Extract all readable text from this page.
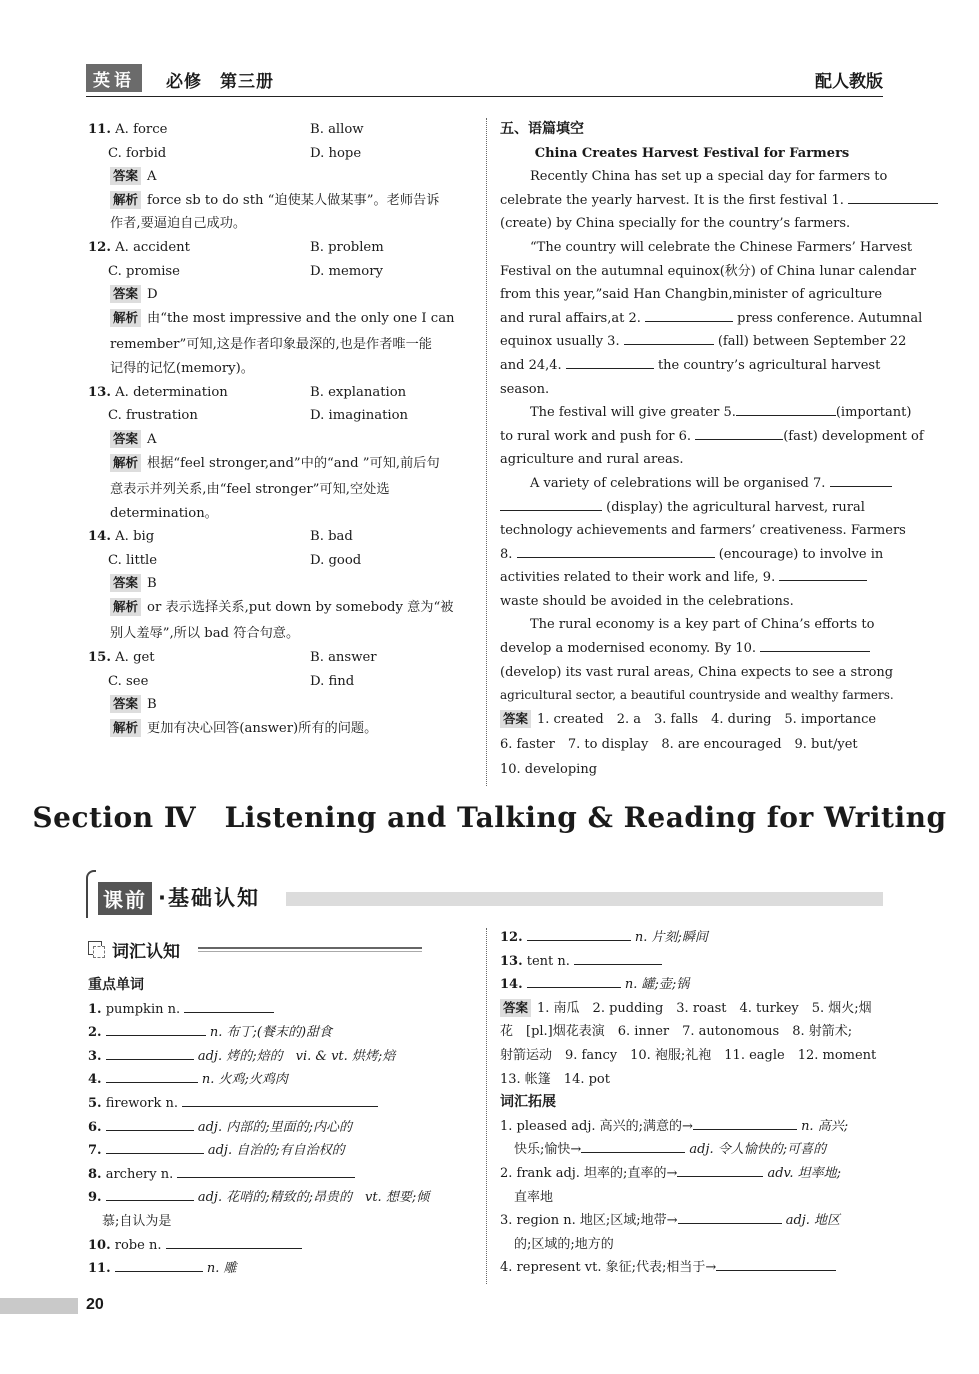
英语	必修　第三册	配人教版
11. A. force	B. allow
C. forbid	D. hope
答案 A
解析 force sb to do sth “迫使某人做某事”。老师告诉
作者,要逼迫自己成功。
12. A. accident	B. problem
C. promise	D. memory
答案 D
解析 由“the most impressive and the only one I can
remember”可知,这是作者印象最深的,也是作者唯一能
记得的记忆(memory)。
13. A. determination	B. explanation
C. frustration	D. imagination
答案 A
解析 根据“feel stronger,and”中的“and ”可知,前后句
意表示并列关系,由“feel stronger”可知,空处选
determination。
14. A. big	B. bad
C. little	D. good
答案 B
解析 or 表示选择关系,put down by somebody 意为“被
别人羞辱”,所以 bad 符合句意。
15. A. get	B. answer
C. see	D. find
答案 B
解析 更加有决心回答(answer)所有的问题。
五、语篇填空
China Creates Harvest Festival for Farmers
Recently China has set up a special day for farmers to
celebrate the yearly harvest. It is the first festival 1.
(create) by China specially for the country’s farmers.
“The country will celebrate the Chinese Farmers’ Harvest
Festival on the autumnal equinox(秋分) of China lunar calendar
from this year,”said Han Changbin,minister of agriculture
and rural affairs,at 2.	press conference. Autumnal
equinox usually 3.	(fall) between September 22
and 24,4.	the country’s agricultural harvest
season.
The festival will give greater 5.	(important)
to rural work and push for 6.	(fast) development of
agriculture and rural areas.
A variety of celebrations will be organised 7.
(display) the agricultural harvest, rural
technology achievements and farmers’ creativeness. Farmers
8.	(encourage) to involve in
activities related to their work and life, 9.
waste should be avoided in the celebrations.
The rural economy is a key part of China’s efforts to
develop a modernised economy. By 10.
(develop) its vast rural areas, China expects to see a strong
agricultural sector, a beautiful countryside and wealthy farmers.
答案 1. created　2. a　3. falls　4. during　5. importance
6. faster　7. to display　8. are encouraged　9. but/yet
10. developing
Section Ⅳ　Listening and Talking & Reading for Writing
课前 ·基础认知
词汇认知
重点单词
1. pumpkin n.
2.	n. 布丁;(餐末的)甜食
3.	adj. 烤的;焙的　vi. & vt. 烘烤;焙
4.	n. 火鸡;火鸡肉
5. firework n.
6.	adj. 内部的;里面的;内心的
7.	adj. 自治的;有自治权的
8. archery n.
9.	adj. 花哨的;精致的;昂贵的　vt. 想要;倾
慕;自认为是
10. robe n.
11.	n. 雕
12.	n. 片刻;瞬间
13. tent n.
14.	n. 罐;壶;锅
答案 1. 南瓜　2. pudding　3. roast　4. turkey　5. 烟火;烟
花　[pl.]烟花表演　6. inner　7. autonomous　8. 射箭术;
射箭运动　9. fancy　10. 袍服;礼袍　11. eagle　12. moment
13. 帐篷　14. pot
词汇拓展
1. pleased adj. 高兴的;满意的→	n. 高兴;
快乐;愉快→	adj. 令人愉快的;可喜的
2. frank adj. 坦率的;直率的→	adv. 坦率地;
直率地
3. region n. 地区;区域;地带→	adj. 地区
的;区域的;地方的
4. represent vt. 象征;代表;相当于→
20
